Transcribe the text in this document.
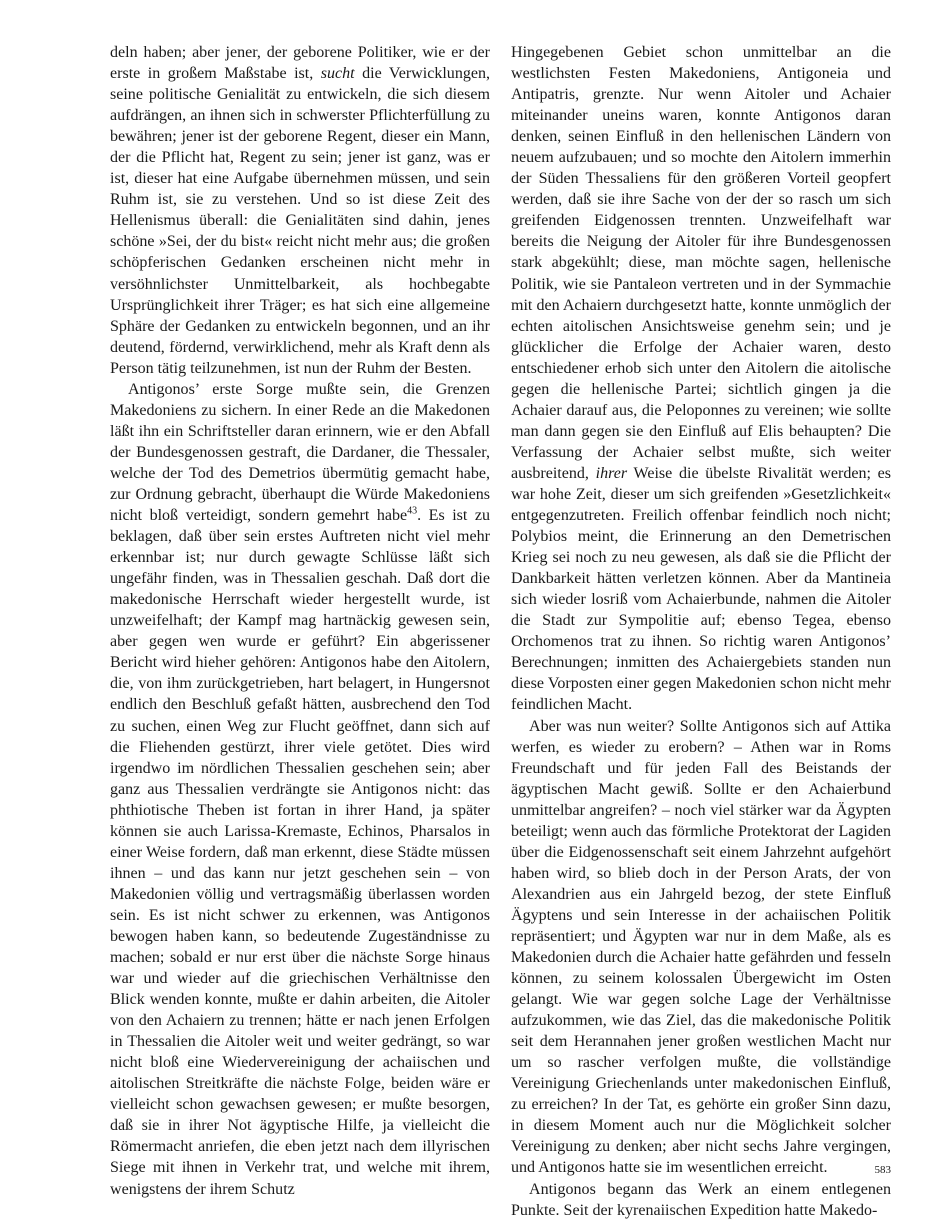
deln haben; aber jener, der geborene Politiker, wie er der erste in großem Maßstabe ist, sucht die Verwicklungen, seine politische Genialität zu entwickeln, die sich diesem aufdrängen, an ihnen sich in schwerster Pflichterfüllung zu bewähren; jener ist der geborene Regent, dieser ein Mann, der die Pflicht hat, Regent zu sein; jener ist ganz, was er ist, dieser hat eine Aufgabe übernehmen müssen, und sein Ruhm ist, sie zu verstehen. Und so ist diese Zeit des Hellenismus überall: die Genialitäten sind dahin, jenes schöne »Sei, der du bist« reicht nicht mehr aus; die großen schöpferischen Gedanken erscheinen nicht mehr in versöhnlichster Unmittelbarkeit, als hochbegabte Ursprünglichkeit ihrer Träger; es hat sich eine allgemeine Sphäre der Gedanken zu entwickeln begonnen, und an ihr deutend, fördernd, verwirklichend, mehr als Kraft denn als Person tätig teilzunehmen, ist nun der Ruhm der Besten.

Antigonos’ erste Sorge mußte sein, die Grenzen Makedoniens zu sichern. In einer Rede an die Makedonen läßt ihn ein Schriftsteller daran erinnern, wie er den Abfall der Bundesgenossen gestraft, die Dardaner, die Thessaler, welche der Tod des Demetrios übermütig gemacht habe, zur Ordnung gebracht, überhaupt die Würde Makedoniens nicht bloß verteidigt, sondern gemehrt habe$^{43}$. Es ist zu beklagen, daß über sein erstes Auftreten nicht viel mehr erkennbar ist; nur durch gewagte Schlüsse läßt sich ungefähr finden, was in Thessalien geschah. Daß dort die makedonische Herrschaft wieder hergestellt wurde, ist unzweifelhaft; der Kampf mag hartnäckig gewesen sein, aber gegen wen wurde er geführt? Ein abgerissener Bericht wird hieher gehören: Antigonos habe den Aitolern, die, von ihm zurückgetrieben, hart belagert, in Hungersnot endlich den Beschluß gefaßt hätten, ausbrechend den Tod zu suchen, einen Weg zur Flucht geöffnet, dann sich auf die Fliehenden gestürzt, ihrer viele getötet. Dies wird irgendwo im nördlichen Thessalien geschehen sein; aber ganz aus Thessalien verdrängte sie Antigonos nicht: das phthiotische Theben ist fortan in ihrer Hand, ja später können sie auch Larissa-Kremaste, Echinos, Pharsalos in einer Weise fordern, daß man erkennt, diese Städte müssen ihnen – und das kann nur jetzt geschehen sein – von Makedonien völlig und vertragsmäßig überlassen worden sein. Es ist nicht schwer zu erkennen, was Antigonos bewogen haben kann, so bedeutende Zugeständnisse zu machen; sobald er nur erst über die nächste Sorge hinaus war und wieder auf die griechischen Verhältnisse den Blick wenden konnte, mußte er dahin arbeiten, die Aitoler von den Achaiern zu trennen; hätte er nach jenen Erfolgen in Thessalien die Aitoler weit und weiter gedrängt, so war nicht bloß eine Wiedervereinigung der achaiischen und aitolischen Streitkräfte die nächste Folge, beiden wäre er vielleicht schon gewachsen gewesen; er mußte besorgen, daß sie in ihrer Not ägyptische Hilfe, ja vielleicht die Römermacht anriefen, die eben jetzt nach dem illyrischen Siege mit ihnen in Verkehr trat, und welche mit ihrem, wenigstens der ihrem Schutz

Hingegebenen Gebiet schon unmittelbar an die westlichsten Festen Makedoniens, Antigoneia und Antipatris, grenzte. Nur wenn Aitoler und Achaier miteinander uneins waren, konnte Antigonos daran denken, seinen Einfluß in den hellenischen Ländern von neuem aufzubauen; und so mochte den Aitolern immerhin der Süden Thessaliens für den größeren Vorteil geopfert werden, daß sie ihre Sache von der der so rasch um sich greifenden Eidgenossen trennten. Unzweifelhaft war bereits die Neigung der Aitoler für ihre Bundesgenossen stark abgekühlt; diese, man möchte sagen, hellenische Politik, wie sie Pantaleon vertreten und in der Symmachie mit den Achaiern durchgesetzt hatte, konnte unmöglich der echten aitolischen Ansichtsweise genehm sein; und je glücklicher die Erfolge der Achaier waren, desto entschiedener erhob sich unter den Aitolern die aitolische gegen die hellenische Partei; sichtlich gingen ja die Achaier darauf aus, die Peloponnes zu vereinen; wie sollte man dann gegen sie den Einfluß auf Elis behaupten? Die Verfassung der Achaier selbst mußte, sich weiter ausbreitend, ihrer Weise die übelste Rivalität werden; es war hohe Zeit, dieser um sich greifenden »Gesetzlichkeit« entgegenzutreten. Freilich offenbar feindlich noch nicht; Polybios meint, die Erinnerung an den Demetrischen Krieg sei noch zu neu gewesen, als daß sie die Pflicht der Dankbarkeit hätten verletzen können. Aber da Mantineia sich wieder losriß vom Achaierbunde, nahmen die Aitoler die Stadt zur Sympolitie auf; ebenso Tegea, ebenso Orchomenos trat zu ihnen. So richtig waren Antigonos’ Berechnungen; inmitten des Achaiergebiets standen nun diese Vorposten einer gegen Makedonien schon nicht mehr feindlichen Macht.

Aber was nun weiter? Sollte Antigonos sich auf Attika werfen, es wieder zu erobern? – Athen war in Roms Freundschaft und für jeden Fall des Beistands der ägyptischen Macht gewiß. Sollte er den Achaierbund unmittelbar angreifen? – noch viel stärker war da Ägypten beteiligt; wenn auch das förmliche Protektorat der Lagiden über die Eidgenossenschaft seit einem Jahrzehnt aufgehört haben wird, so blieb doch in der Person Arats, der von Alexandrien aus ein Jahrgeld bezog, der stete Einfluß Ägyptens und sein Interesse in der achaiischen Politik repräsentiert; und Ägypten war nur in dem Maße, als es Makedonien durch die Achaier hatte gefährden und fesseln können, zu seinem kolossalen Übergewicht im Osten gelangt. Wie war gegen solche Lage der Verhältnisse aufzukommen, wie das Ziel, das die makedonische Politik seit dem Herannahen jener großen westlichen Macht nur um so rascher verfolgen mußte, die vollständige Vereinigung Griechenlands unter makedonischen Einfluß, zu erreichen? In der Tat, es gehörte ein großer Sinn dazu, in diesem Moment auch nur die Möglichkeit solcher Vereinigung zu denken; aber nicht sechs Jahre vergingen, und Antigonos hatte sie im wesentlichen erreicht.

Antigonos begann das Werk an einem entlegenen Punkte. Seit der kyrenaiischen Expedition hatte Makedo-

583
